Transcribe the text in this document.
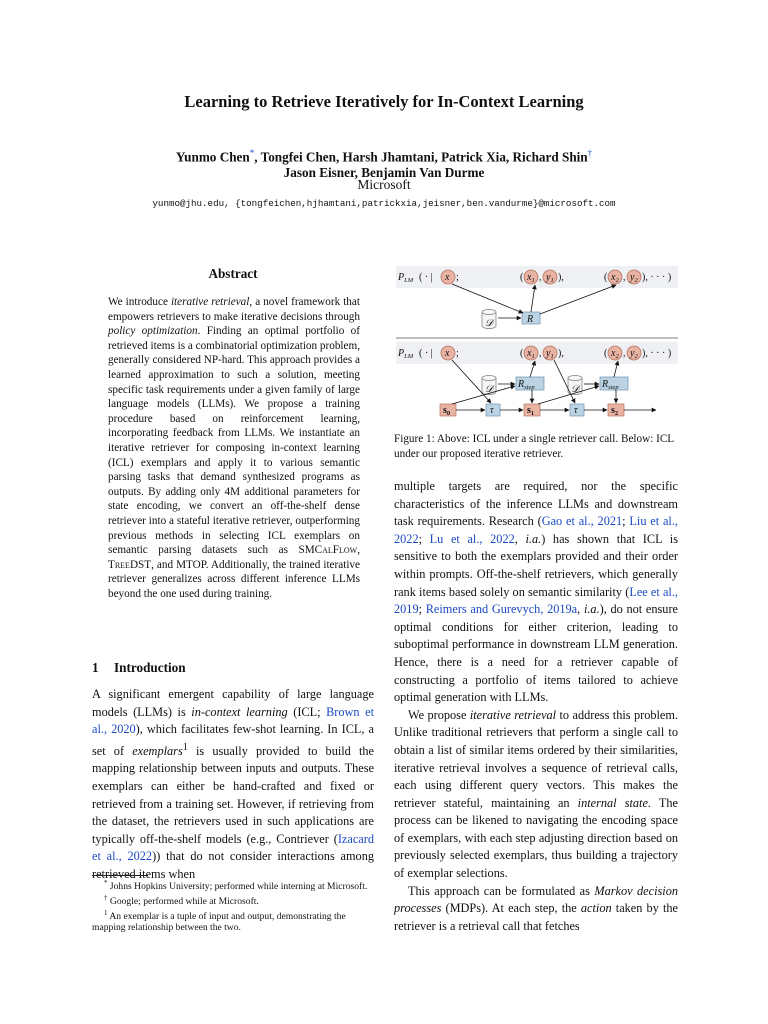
Learning to Retrieve Iteratively for In-Context Learning
Yunmo Chen*, Tongfei Chen, Harsh Jhamtani, Patrick Xia, Richard Shin†
Jason Eisner, Benjamin Van Durme
Microsoft
yunmo@jhu.edu, {tongfeichen,hjhamtani,patrickxia,jeisner,ben.vandurme}@microsoft.com
Abstract

We introduce iterative retrieval, a novel framework that empowers retrievers to make iterative decisions through policy optimization. Finding an optimal portfolio of retrieved items is a combinatorial optimization problem, generally considered NP-hard. This approach provides a learned approximation to such a solution, meeting specific task requirements under a given family of large language models (LLMs). We propose a training procedure based on reinforcement learning, incorporating feedback from LLMs. We instantiate an iterative retriever for composing in-context learning (ICL) exemplars and apply it to various semantic parsing tasks that demand synthesized programs as outputs. By adding only 4M additional parameters for state encoding, we convert an off-the-shelf dense retriever into a stateful iterative retriever, outperforming previous methods in selecting ICL exemplars on semantic parsing datasets such as SMCalFlow, TreeDST, and MTOP. Additionally, the trained iterative retriever generalizes across different inference LLMs beyond the one used during training.

1 Introduction

A significant emergent capability of large language models (LLMs) is in-context learning (ICL; Brown et al., 2020), which facilitates few-shot learning. In ICL, a set of exemplars$^1$ is usually provided to build the mapping relationship between inputs and outputs. These exemplars can either be hand-crafted and fixed or retrieved from a training set. However, if retrieving from the dataset, the retrievers used in such applications are typically off-the-shelf models (e.g., Contriever (Izacard et al., 2022)) that do not consider interactions among retrieved items when

* Johns Hopkins University; performed while interning at Microsoft.

† Google; performed while at Microsoft.

$^1$ An exemplar is a tuple of input and output, demonstrating the mapping relationship between the two.

$P_{LM}$ ( · | x ;	( $x_1$ , $y_1$ ),	( $x_2$ , $y_2$ ), · · · )
𝒟	R
$P_{LM}$ ( · | x ;	( $x_1$ , $y_1$ ),	( $x_2$ , $y_2$ ), · · · )
𝒟	$R_{step}$	𝒟 $R_{step}$
$s_0$	τ	$s_1$	τ	$s_2$
Figure 1: Above: ICL under a single retriever call. Below: ICL under our proposed iterative retriever.

multiple targets are required, nor the specific characteristics of the inference LLMs and downstream task requirements. Research (Gao et al., 2021; Liu et al., 2022; Lu et al., 2022, i.a.) has shown that ICL is sensitive to both the exemplars provided and their order within prompts. Off-the-shelf retrievers, which generally rank items based solely on semantic similarity (Lee et al., 2019; Reimers and Gurevych, 2019a, i.a.), do not ensure optimal conditions for either criterion, leading to suboptimal performance in downstream LLM generation. Hence, there is a need for a retriever capable of constructing a portfolio of items tailored to achieve optimal generation with LLMs.

We propose iterative retrieval to address this problem. Unlike traditional retrievers that perform a single call to obtain a list of similar items ordered by their similarities, iterative retrieval involves a sequence of retrieval calls, each using different query vectors. This makes the retriever stateful, maintaining an internal state. The process can be likened to navigating the encoding space of exemplars, with each step adjusting direction based on previously selected exemplars, thus building a trajectory of exemplar selections.

This approach can be formulated as Markov decision processes (MDPs). At each step, the action taken by the retriever is a retrieval call that fetches
